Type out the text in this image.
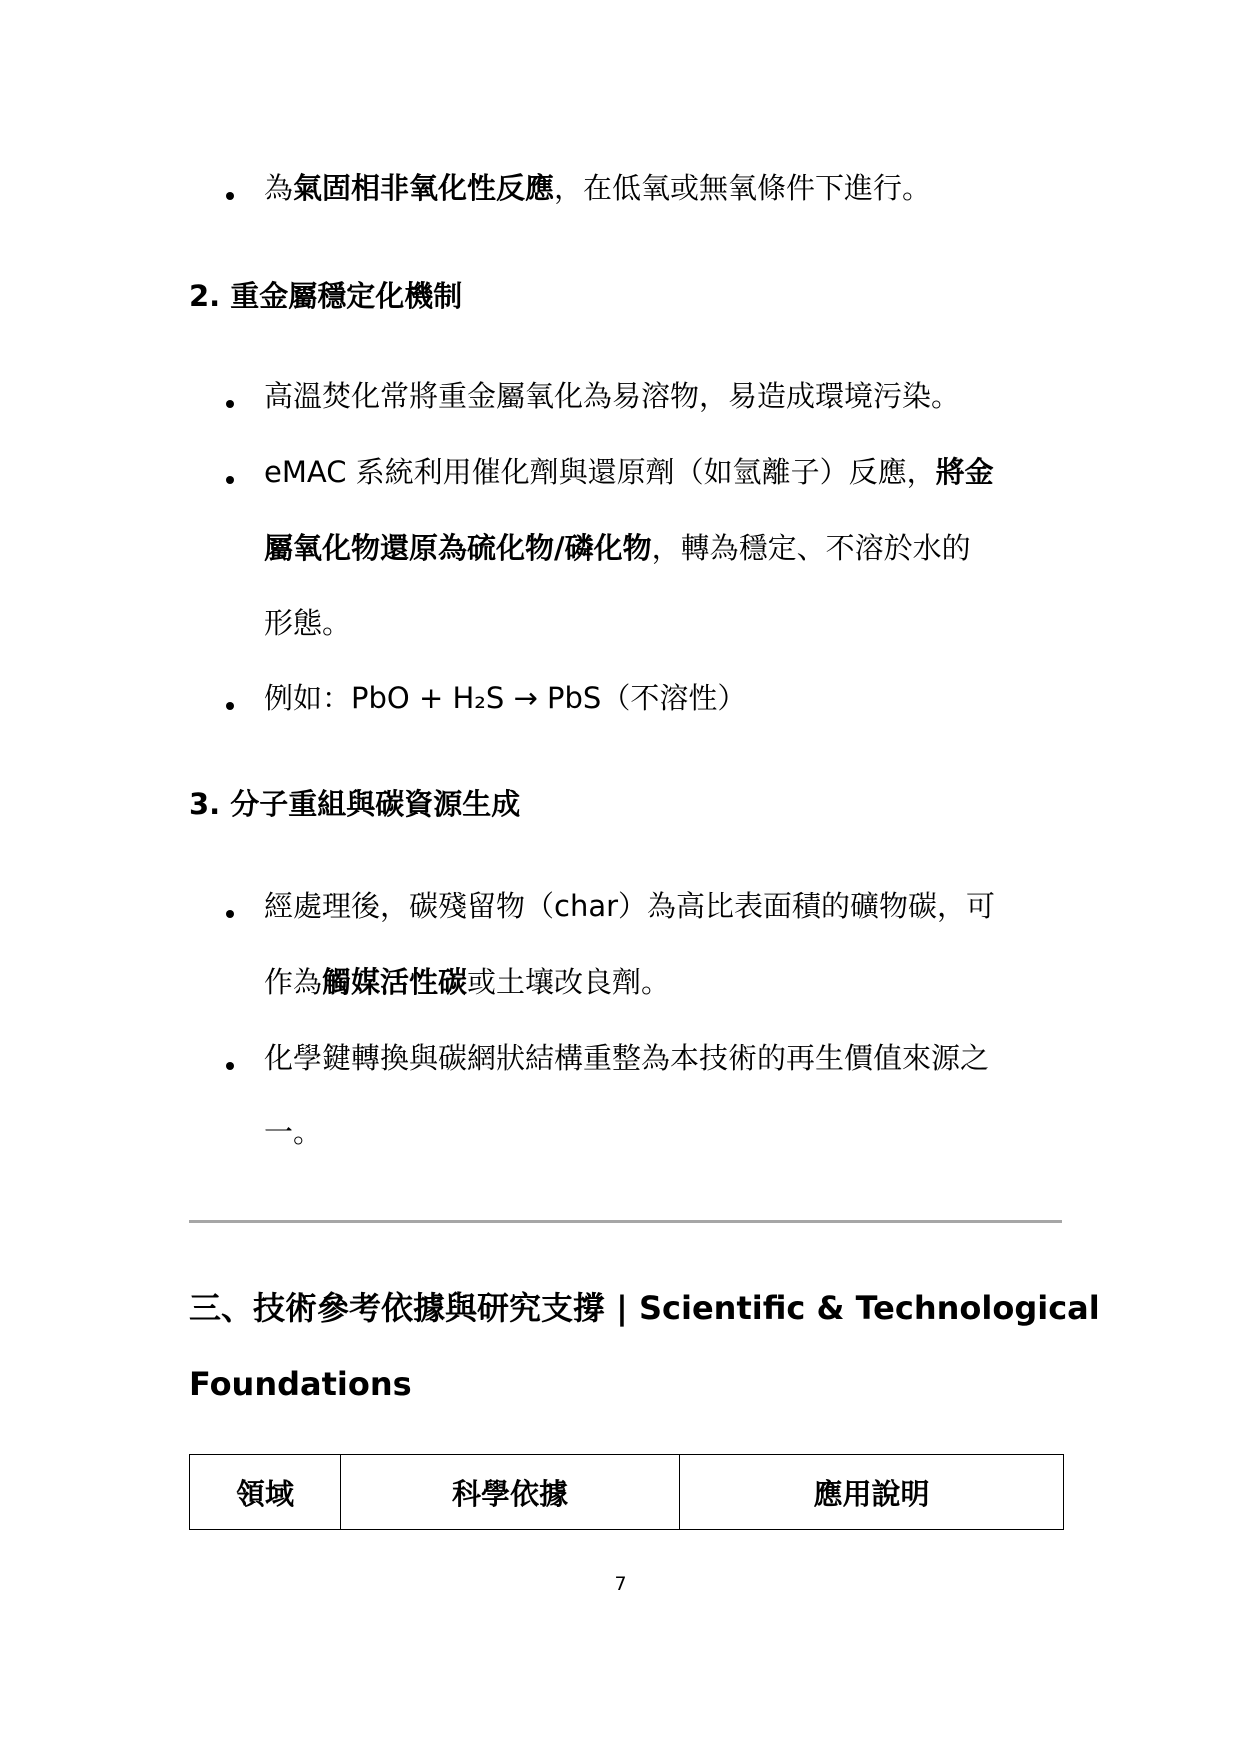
為氣固相非氧化性反應，在低氧或無氧條件下進行。
2. 重金屬穩定化機制
高溫焚化常將重金屬氧化為易溶物，易造成環境污染。
eMAC 系統利用催化劑與還原劑（如氫離子）反應，將金
屬氧化物還原為硫化物/磷化物，轉為穩定、不溶於水的
形態。
例如：PbO + H₂S → PbS（不溶性）
3. 分子重組與碳資源生成
經處理後，碳殘留物（char）為高比表面積的礦物碳，可
作為觸媒活性碳或土壤改良劑。
化學鍵轉換與碳網狀結構重整為本技術的再生價值來源之
一。
三、技術參考依據與研究支撐 | Scientific & Technological
Foundations
領域	科學依據	應用說明
7
